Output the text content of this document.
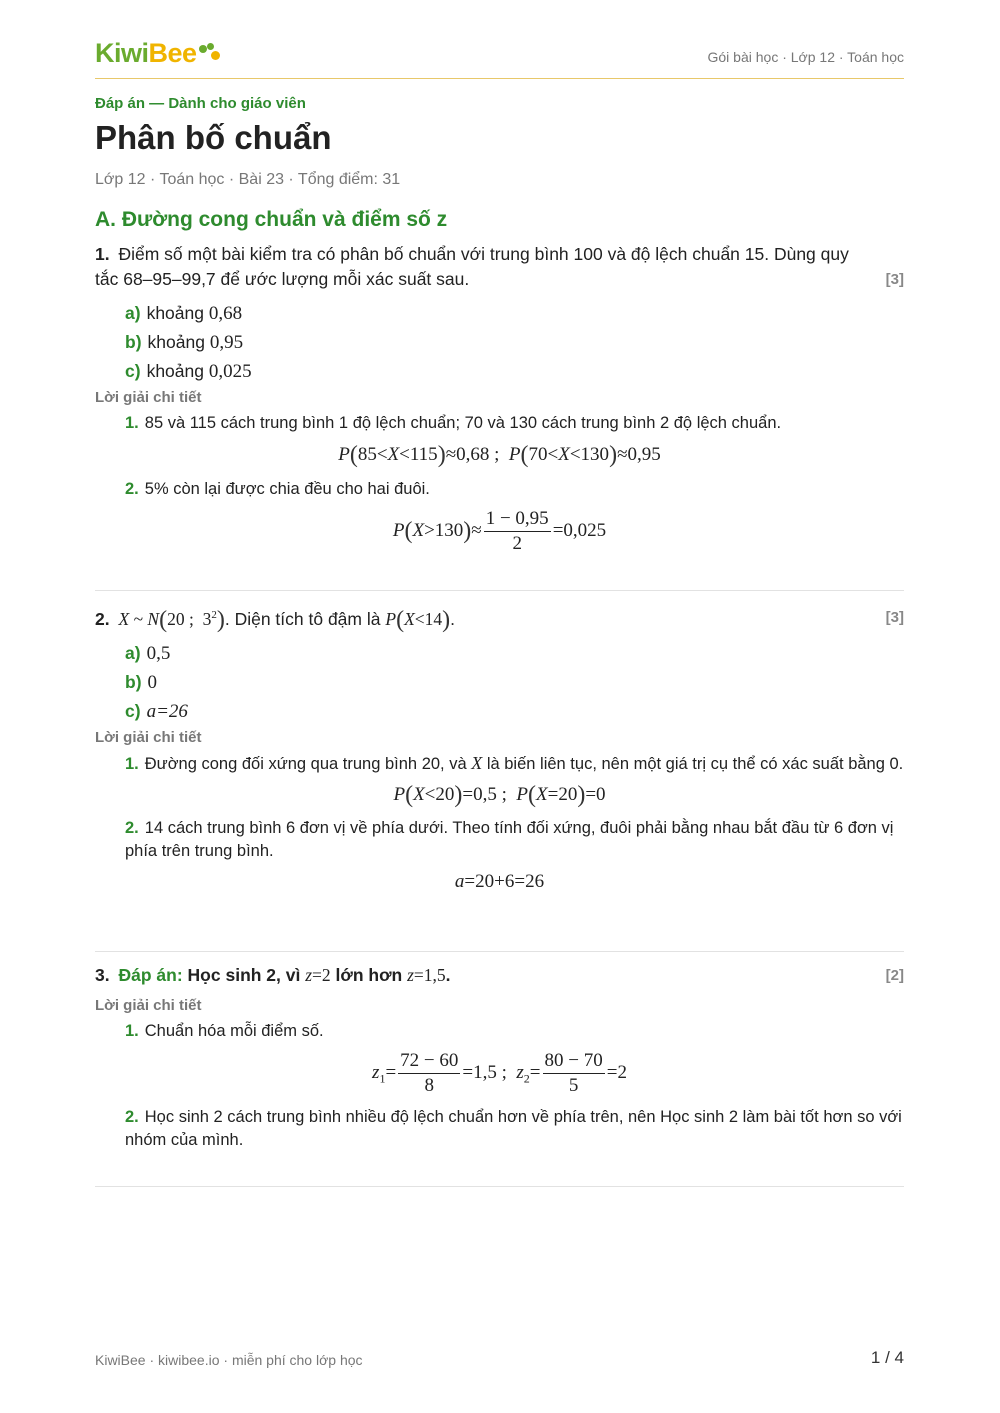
KiwiBee	Gói bài học · Lớp 12 · Toán học
Đáp án — Dành cho giáo viên
Phân bố chuẩn
Lớp 12 · Toán học · Bài 23 · Tổng điểm: 31
A. Đường cong chuẩn và điểm số z
1. Điểm số một bài kiểm tra có phân bố chuẩn với trung bình 100 và độ lệch chuẩn 15. Dùng quy tắc 68–95–99,7 để ước lượng mỗi xác suất sau.	[3]
a) khoảng 0,68
b) khoảng 0,95
c) khoảng 0,025
Lời giải chi tiết
1. 85 và 115 cách trung bình 1 độ lệch chuẩn; 70 và 130 cách trung bình 2 độ lệch chuẩn.
P(85<X<115)≈0,68 ;  P(70<X<130)≈0,95
2. 5% còn lại được chia đều cho hai đuôi.
$P(X>130)\approx \frac{1 - 0,95}{2} =0,025$
2. X ~ N(20 ;  $3^2$). Diện tích tô đậm là P(X<14).	[3]
a) 0,5
b) 0
c) a=26
Lời giải chi tiết
1. Đường cong đối xứng qua trung bình 20, và X là biến liên tục, nên một giá trị cụ thể có xác suất bằng 0.
P(X<20)=0,5 ;  P(X=20)=0
2. 14 cách trung bình 6 đơn vị về phía dưới. Theo tính đối xứng, đuôi phải bằng nhau bắt đầu từ 6 đơn vị phía trên trung bình.
a=20+6=26
3. Đáp án: Học sinh 2, vì z=2 lớn hơn z=1,5.	[2]
Lời giải chi tiết
1. Chuẩn hóa mỗi điểm số.
$z_1= \frac{72 - 60}{8} =1,5$ ;  $z_2= \frac{80 - 70}{5} =2$
2. Học sinh 2 cách trung bình nhiều độ lệch chuẩn hơn về phía trên, nên Học sinh 2 làm bài tốt hơn so với nhóm của mình.
KiwiBee · kiwibee.io · miễn phí cho lớp học	1 / 4
